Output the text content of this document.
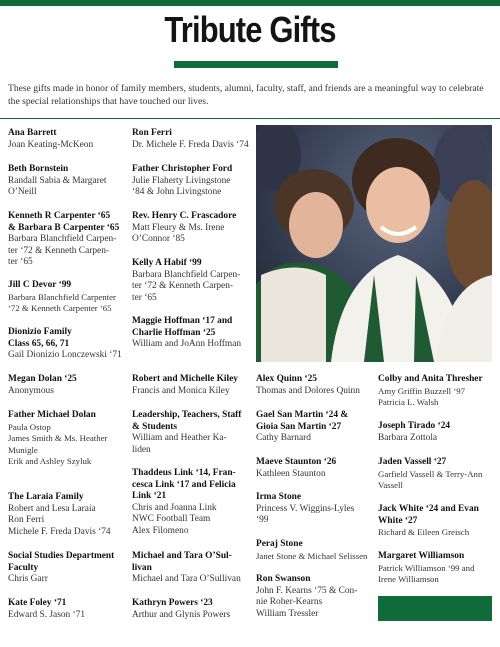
Tribute Gifts

These gifts made in honor of family members, students, alumni, faculty, staff, and friends are a meaningful way to celebrate the special relationships that have touched our lives.

Ana Barrett
Joan Keating-McKeon
Beth Bornstein
Randall Sabia & Margaret
O’Neill
Kenneth R Carpenter ‘65
& Barbara B Carpenter ‘65
Barbara Blanchfield Carpen-
ter ‘72 & Kenneth Carpen-
ter ‘65
Jill C Devor ‘99
Barbara Blanchfield Carpenter
‘72 & Kenneth Carpenter ‘65
Dionizio Family
Class 65, 66, 71
Gail Dionizio Lonczewski ‘71
Ron Ferri
Dr. Michele F. Freda Davis ‘74
Father Christopher Ford
Julie Flaherty Livingstone
‘84 & John Livingstone
Rev. Henry C. Frascadore
Matt Fleury & Ms. Irene
O’Connor ‘85
Kelly A Habif ‘99
Barbara Blanchfield Carpen-
ter ‘72 & Kenneth Carpen-
ter ‘65
Maggie Hoffman ‘17 and
Charlie Hoffman ‘25
William and JoAnn Hoffman
Megan Dolan ‘25
Anonymous
Father Michael Dolan
Paula Ostop
James Smith & Ms. Heather
Munigle
Erik and Ashley Szyluk
The Laraia Family
Robert and Lesa Laraia
Ron Ferri
Michele F. Freda Davis ‘74
Social Studies Department
Faculty
Chris Garr
Kate Foley ‘71
Edward S. Jason ‘71
Robert and Michelle Kiley
Francis and Monica Kiley
Leadership, Teachers, Staff
& Students
William and Heather Ka-
liden
Thaddeus Link ‘14, Fran-
cesca Link ‘17 and Felicia
Link ‘21
Chris and Joanna Link
NWC Football Team
Alex Filomeno
Michael and Tara O’Sul-
livan
Michael and Tara O’Sullivan
Kathryn Powers ‘23
Arthur and Glynis Powers
Alex Quinn ‘25
Thomas and Dolores Quinn
Gael San Martin ‘24 &
Gioia San Martin ‘27
Cathy Barnard
Maeve Staunton ‘26
Kathleen Staunton
Irma Stone
Princess V. Wiggins-Lyles
‘99
Peraj Stone
Janet Stone & Michael Selissen
Ron Swanson
John F. Kearns ‘75 & Con-
nie Roher-Kearns
William Tressler
Colby and Anita Thresher
Amy Griffin Buzzell ‘97
Patricia L. Walsh
Joseph Tirado ‘24
Barbara Zottola
Jaden Vassell ‘27
Garfield Vassell & Terry-Ann
Vassell
Jack White ‘24 and Evan
White ‘27
Richard & Eileen Greisch
Margaret Williamson
Patrick Williamson ‘99 and
Irene Williamson
